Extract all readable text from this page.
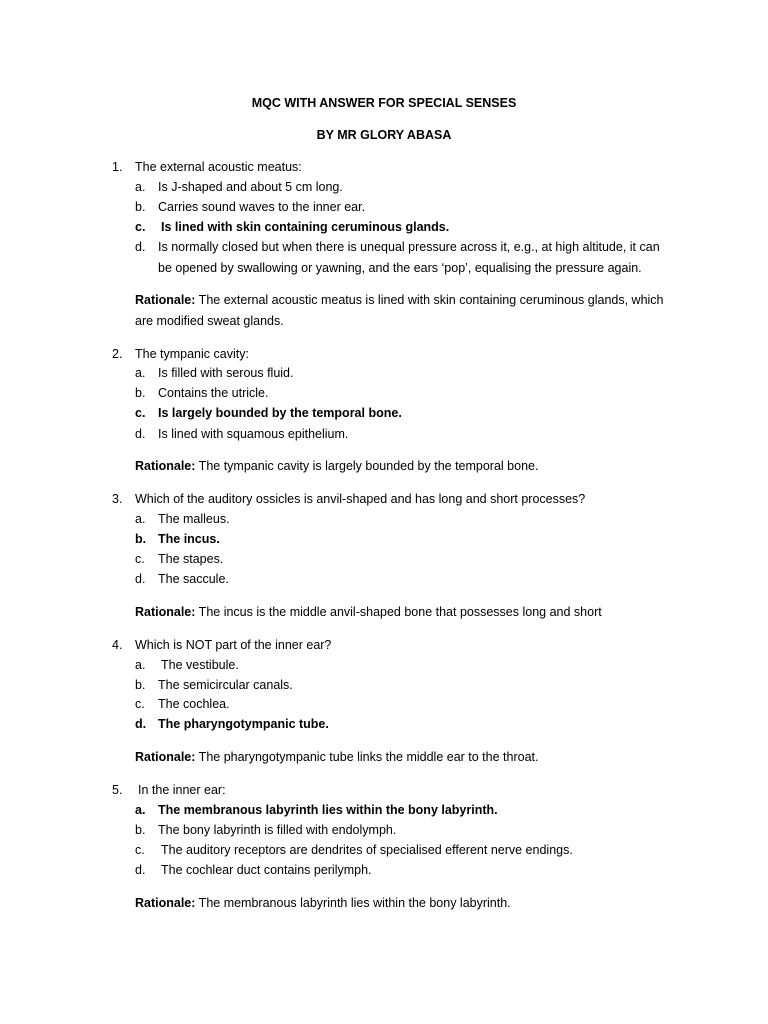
MQC WITH ANSWER FOR SPECIAL SENSES
BY MR GLORY ABASA
1. The external acoustic meatus:
a. Is J-shaped and about 5 cm long.
b. Carries sound waves to the inner ear.
c. Is lined with skin containing ceruminous glands.
d. Is normally closed but when there is unequal pressure across it, e.g., at high altitude, it can
be opened by swallowing or yawning, and the ears ‘pop’, equalising the pressure again.
Rationale: The external acoustic meatus is lined with skin containing ceruminous glands, which
are modified sweat glands.
2. The tympanic cavity:
a. Is filled with serous fluid.
b. Contains the utricle.
c. Is largely bounded by the temporal bone.
d. Is lined with squamous epithelium.
Rationale: The tympanic cavity is largely bounded by the temporal bone.
3. Which of the auditory ossicles is anvil-shaped and has long and short processes?
a. The malleus.
b. The incus.
c. The stapes.
d. The saccule.
Rationale: The incus is the middle anvil-shaped bone that possesses long and short
4. Which is NOT part of the inner ear?
a. The vestibule.
b. The semicircular canals.
c. The cochlea.
d. The pharyngotympanic tube.
Rationale: The pharyngotympanic tube links the middle ear to the throat.
5. In the inner ear:
a. The membranous labyrinth lies within the bony labyrinth.
b. The bony labyrinth is filled with endolymph.
c. The auditory receptors are dendrites of specialised efferent nerve endings.
d. The cochlear duct contains perilymph.
Rationale: The membranous labyrinth lies within the bony labyrinth.
